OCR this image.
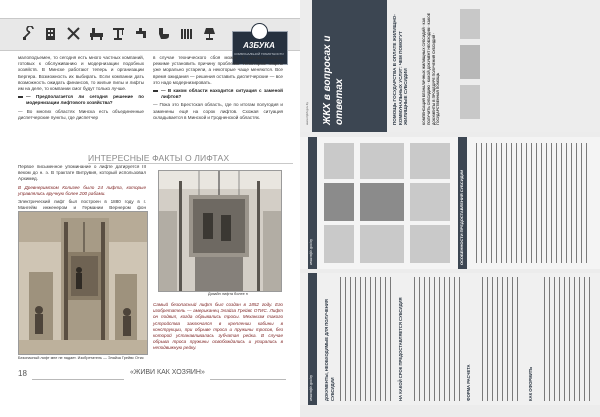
А3БУКА
КОММУНАЛЬНОЙ ГРАМОТНОСТИ

малоподъемен, то сегодня есть много частных компаний, готовых к обслуживанию и модернизации подобных хозяйств. В Минске работают теперь и организации Бергера. Возможность их выбирать. Если компании дать возможность ожидать финансов, то жилые пилы и лифты им на деле, то компании смог будут только лучше.

— Предполагается ли сегодня решение по модернизации лифтового хозяйства?

— Во многих областях Минска есть объединенные диспетчерские пункты, где диспетчер

в случае технического сбоя может в автоматическом режиме установить причину проблемы. Некоторые лифты уже морально устарели, а некоторые чаще меняются. Все время ожидания — решения оставить диспетчерские — все это надо модернизировать.

— В каком области находится ситуация с заменой лифтов?

— Пока это Брестская область, где по итогам полугодия и заменены ещё на сорок лифтов. Схожая ситуация складывается в Минской и Гродненской областях.

ИНТЕРЕСНЫЕ ФАКТЫ О ЛИФТАХ

Первое письменное упоминание о лифте датируется III веком до н. э. В трактате Витрувия, который использовал Архимед.

В Древнеримском Колизее было 24 лифта, которые управлялись вручную более 200 рабами.

Электрический лифт был построен в 1880 году в г. Мангейм инженером и Германии Вернером фон

Безопасный лифт мне не падает. Изобретатель — Элайза Грейвс Отис
Дизайн лифта более п

Самый безопасный лифт был создан в 1852 году. Его изобретатель — американец Элайза Грейвс ОТИС. Лифт он подвил, когда обрывались тросы. Механизм такого устройства заключался в креплении кабины в конструкции, при обрыве троса и пружины тросов, без которой устанавливалась зубчатая рейка. В случае обрыва троса пружины освобождались и упирались в неподвижную рейку.

18	«ЖИВИ КАК ХОЗЯИН»
ЖКХ в вопросах и ответах	ПОМОЩЬ ГОСУДАРСТВА В ОПЛАТЕ ЖИЛИЩНО-КОММУНАЛЬНЫХ УСЛУГ: ЧЕМ ПОМОГУТ ЖИЛИЩНЫЕ СУБСИДИИ	КОМПЕНСАЦИЯ БЕЗНАЛИЧНЫХ ЖИЛИЩНЫХ СУБСИДИЙ · КАК ПОЛУЧИТЬ СУБСИДИЮ · КАКОЙ ДОКУМЕНТ НЕОБХОДИМ · КАКОЕ ДОКУМЕНТЫ В ПРОЦЕДУРЕ ПОЛУЧЕНИЯ СУБСИДИЙ · ГОСУДАРСТВЕННАЯ ПОМОЩЬ
www.mjkh.gov.by
www.mjkh.gov.by	ОСОБЕННОСТИ ПРЕДОСТАВЛЕНИЯ СУБСИДИИ
www.mjkh.gov.by	ДОКУМЕНТЫ, НЕОБХОДИМЫЕ ДЛЯ ПОЛУЧЕНИЯ СУБСИДИИ	НА КАКОЙ СРОК ПРЕДОСТАВЛЯЕТСЯ СУБСИДИЯ	ФОРМА РАСЧЕТА	КАК ОФОРМИТЬ
